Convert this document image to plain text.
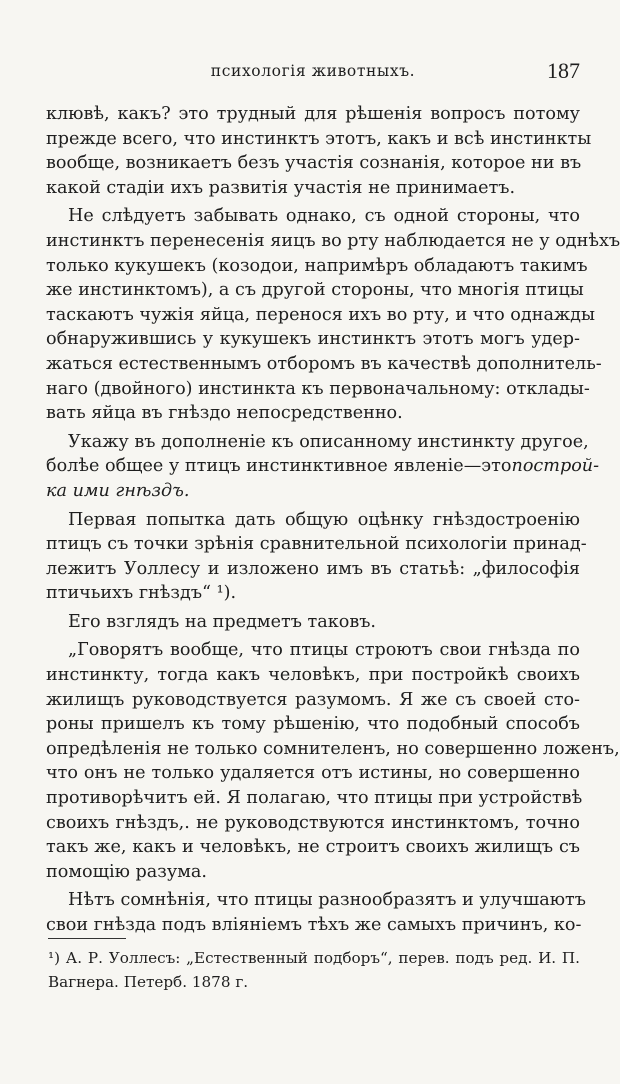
психологія животныхъ.	187
клювѣ, какъ? это трудный для рѣшенія вопросъ потому
прежде всего, что инстинктъ этотъ, какъ и всѣ инстинкты
вообще, возникаетъ безъ участія сознанія, которое ни въ
какой стадіи ихъ развитія участія не принимаетъ.
Не слѣдуетъ забывать однако, съ одной стороны, что
инстинктъ перенесенія яицъ во рту наблюдается не у однѣхъ
только кукушекъ (козодои, напримѣръ обладаютъ такимъ
же инстинктомъ), а съ другой стороны, что многія птицы
таскаютъ чужія яйца, перенося ихъ во рту, и что однажды
обнаружившись у кукушекъ инстинктъ этотъ могъ удер-
жаться естественнымъ отборомъ въ качествѣ дополнитель-
наго (двойного) инстинкта къ первоначальному: отклады-
вать яйца въ гнѣздо непосредственно.
Укажу въ дополненіе къ описанному инстинкту другое,
болѣе общее у птицъ инстинктивное явленіе—этопострой-
ка ими гнѣздъ.
Первая попытка дать общую оцѣнку гнѣздостроенію
птицъ съ точки зрѣнія сравнительной психологіи принад-
лежитъ Уоллесу и изложено имъ въ статьѣ: „философія
птичьихъ гнѣздъ“ ¹).
Его взглядъ на предметъ таковъ.
„Говорятъ вообще, что птицы строютъ свои гнѣзда по
инстинкту, тогда какъ человѣкъ, при постройкѣ своихъ
жилищъ руководствуется разумомъ. Я же съ своей сто-
роны пришелъ къ тому рѣшенію, что подобный способъ
опредѣленія не только сомнителенъ, но совершенно ложенъ,
что онъ не только удаляется отъ истины, но совершенно
противорѣчитъ ей. Я полагаю, что птицы при устройствѣ
своихъ гнѣздъ,. не руководствуются инстинктомъ, точно
такъ же, какъ и человѣкъ, не строитъ своихъ жилищъ съ
помощію разума.
Нѣтъ сомнѣнія, что птицы разнообразятъ и улучшаютъ
свои гнѣзда подъ вліяніемъ тѣхъ же самыхъ причинъ, ко-
¹) А. Р. Уоллесъ: „Естественный подборъ“, перев. подъ ред. И. П.
Вагнера. Петерб. 1878 г.
